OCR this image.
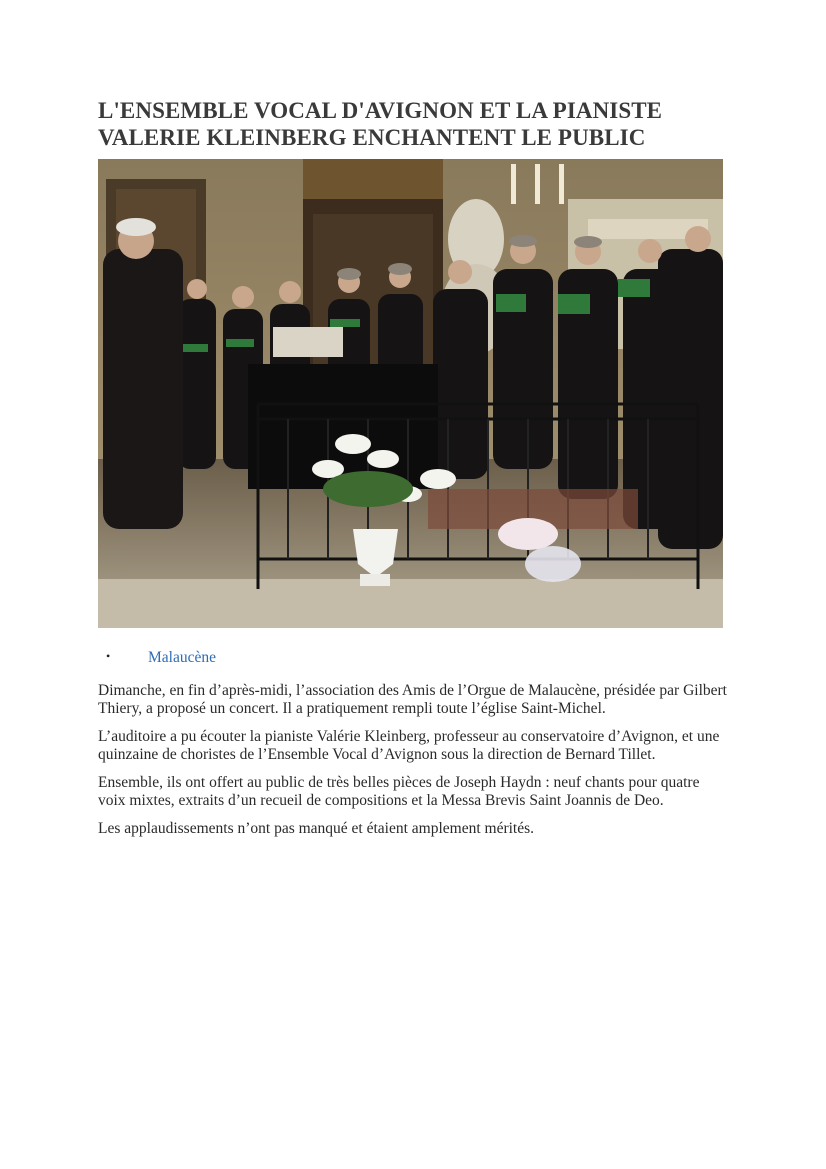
L'ENSEMBLE VOCAL D'AVIGNON ET LA PIANISTE VALERIE KLEINBERG ENCHANTENT LE PUBLIC
• Malaucène

Dimanche, en fin d’après-midi, l’association des Amis de l’Orgue de Malaucène, présidée par Gilbert Thiery, a proposé un concert. Il a pratiquement rempli toute l’église Saint-Michel.

L’auditoire a pu écouter la pianiste Valérie Kleinberg, professeur au conservatoire d’Avignon, et une quinzaine de choristes de l’Ensemble Vocal d’Avignon sous la direction de Bernard Tillet.

Ensemble, ils ont offert au public de très belles pièces de Joseph Haydn : neuf chants pour quatre voix mixtes, extraits d’un recueil de compositions et la Messa Brevis Saint Joannis de Deo.

Les applaudissements n’ont pas manqué et étaient amplement mérités.
